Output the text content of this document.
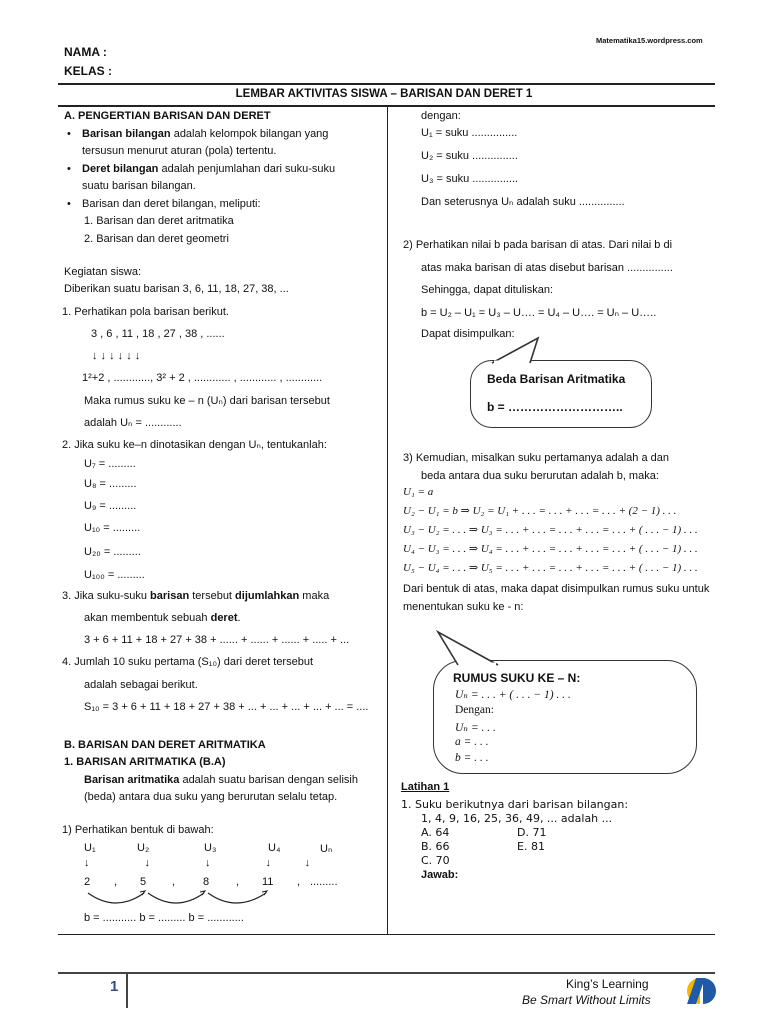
Matematika15.wordpress.com
NAMA :
KELAS :
LEMBAR AKTIVITAS SISWA – BARISAN DAN DERET 1
A. PENGERTIAN BARISAN DAN DERET
• Barisan bilangan adalah kelompok bilangan yang
tersusun menurut aturan (pola) tertentu.
• Deret bilangan adalah penjumlahan dari suku-suku
suatu barisan bilangan.
• Barisan dan deret bilangan, meliputi:
1. Barisan dan deret aritmatika
2. Barisan dan deret geometri
Kegiatan siswa:
Diberikan suatu barisan 3, 6, 11, 18, 27, 38, ...
1. Perhatikan pola barisan berikut.
3 , 6 , 11 , 18 , 27 , 38 , ......
↓ ↓ ↓ ↓ ↓ ↓
1²+2 , ............, 3² + 2 , ............ , ............ , ............
Maka rumus suku ke – n (Uₙ) dari barisan tersebut
adalah Uₙ = ............
2. Jika suku ke–n dinotasikan dengan Uₙ, tentukanlah:
U₇ = .........
U₈ = .........
U₉ = .........
U₁₀ = .........
U₂₀ = .........
U₁₀₀ = .........
3. Jika suku-suku barisan tersebut dijumlahkan maka
akan membentuk sebuah deret.
3 + 6 + 11 + 18 + 27 + 38 + ...... + ...... + ...... + ..... + ...
4. Jumlah 10 suku pertama (S₁₀) dari deret tersebut
adalah sebagai berikut.
S₁₀ = 3 + 6 + 11 + 18 + 27 + 38 + ... + ... + ... + ... + ... = ....
B. BARISAN DAN DERET ARITMATIKA
1. BARISAN ARITMATIKA (B.A)
Barisan aritmatika adalah suatu barisan dengan selisih
(beda) antara dua suku yang berurutan selalu tetap.
1) Perhatikan bentuk di bawah:
U₁	U₂	U₃	U₄	Uₙ
↓                  ↓                  ↓                  ↓           ↓
2 , 5 ,	8 , 11 , .........
b = ........... b = ......... b = ............
dengan:
U₁ = suku ...............
U₂ = suku ...............
U₃ = suku ...............
Dan seterusnya Uₙ adalah suku ...............
2) Perhatikan nilai b pada barisan di atas. Dari nilai b di
atas maka barisan di atas disebut barisan ...............
Sehingga, dapat dituliskan:
b = U₂ – U₁ = U₃ – U…. = U₄ – U…. = Uₙ – U…..
Dapat disimpulkan:
Beda Barisan Aritmatika
b = ………………………..
3) Kemudian, misalkan suku pertamanya adalah a dan
beda antara dua suku berurutan adalah b, maka:
U₁ = a
U₂ − U₁ = b ⇒ U₂ = U₁ + . . . = . . . + . . . = . . . + (2 − 1) . . .
U₃ − U₂ = . . . ⇒ U₃ = . . . + . . . = . . . + . . . = . . . + ( . . . − 1) . . .
U₄ − U₃ = . . . ⇒ U₄ = . . . + . . . = . . . + . . . = . . . + ( . . . − 1) . . .
U₅ − U₄ = . . . ⇒ U₅ = . . . + . . . = . . . + . . . = . . . + ( . . . − 1) . . .
Dari bentuk di atas, maka dapat disimpulkan rumus suku untuk
menentukan suku ke - n:
RUMUS SUKU KE – N:
Uₙ = . . . + ( . . . − 1) . . .
Dengan:
Uₙ = . . .
a = . . .
b = . . .
Latihan 1
1. Suku berikutnya dari barisan bilangan:
1, 4, 9, 16, 25, 36, 49, ... adalah ...
A. 64	D. 71
B. 66	E. 81
C. 70
Jawab:
1	King’s Learning
Be Smart Without Limits
